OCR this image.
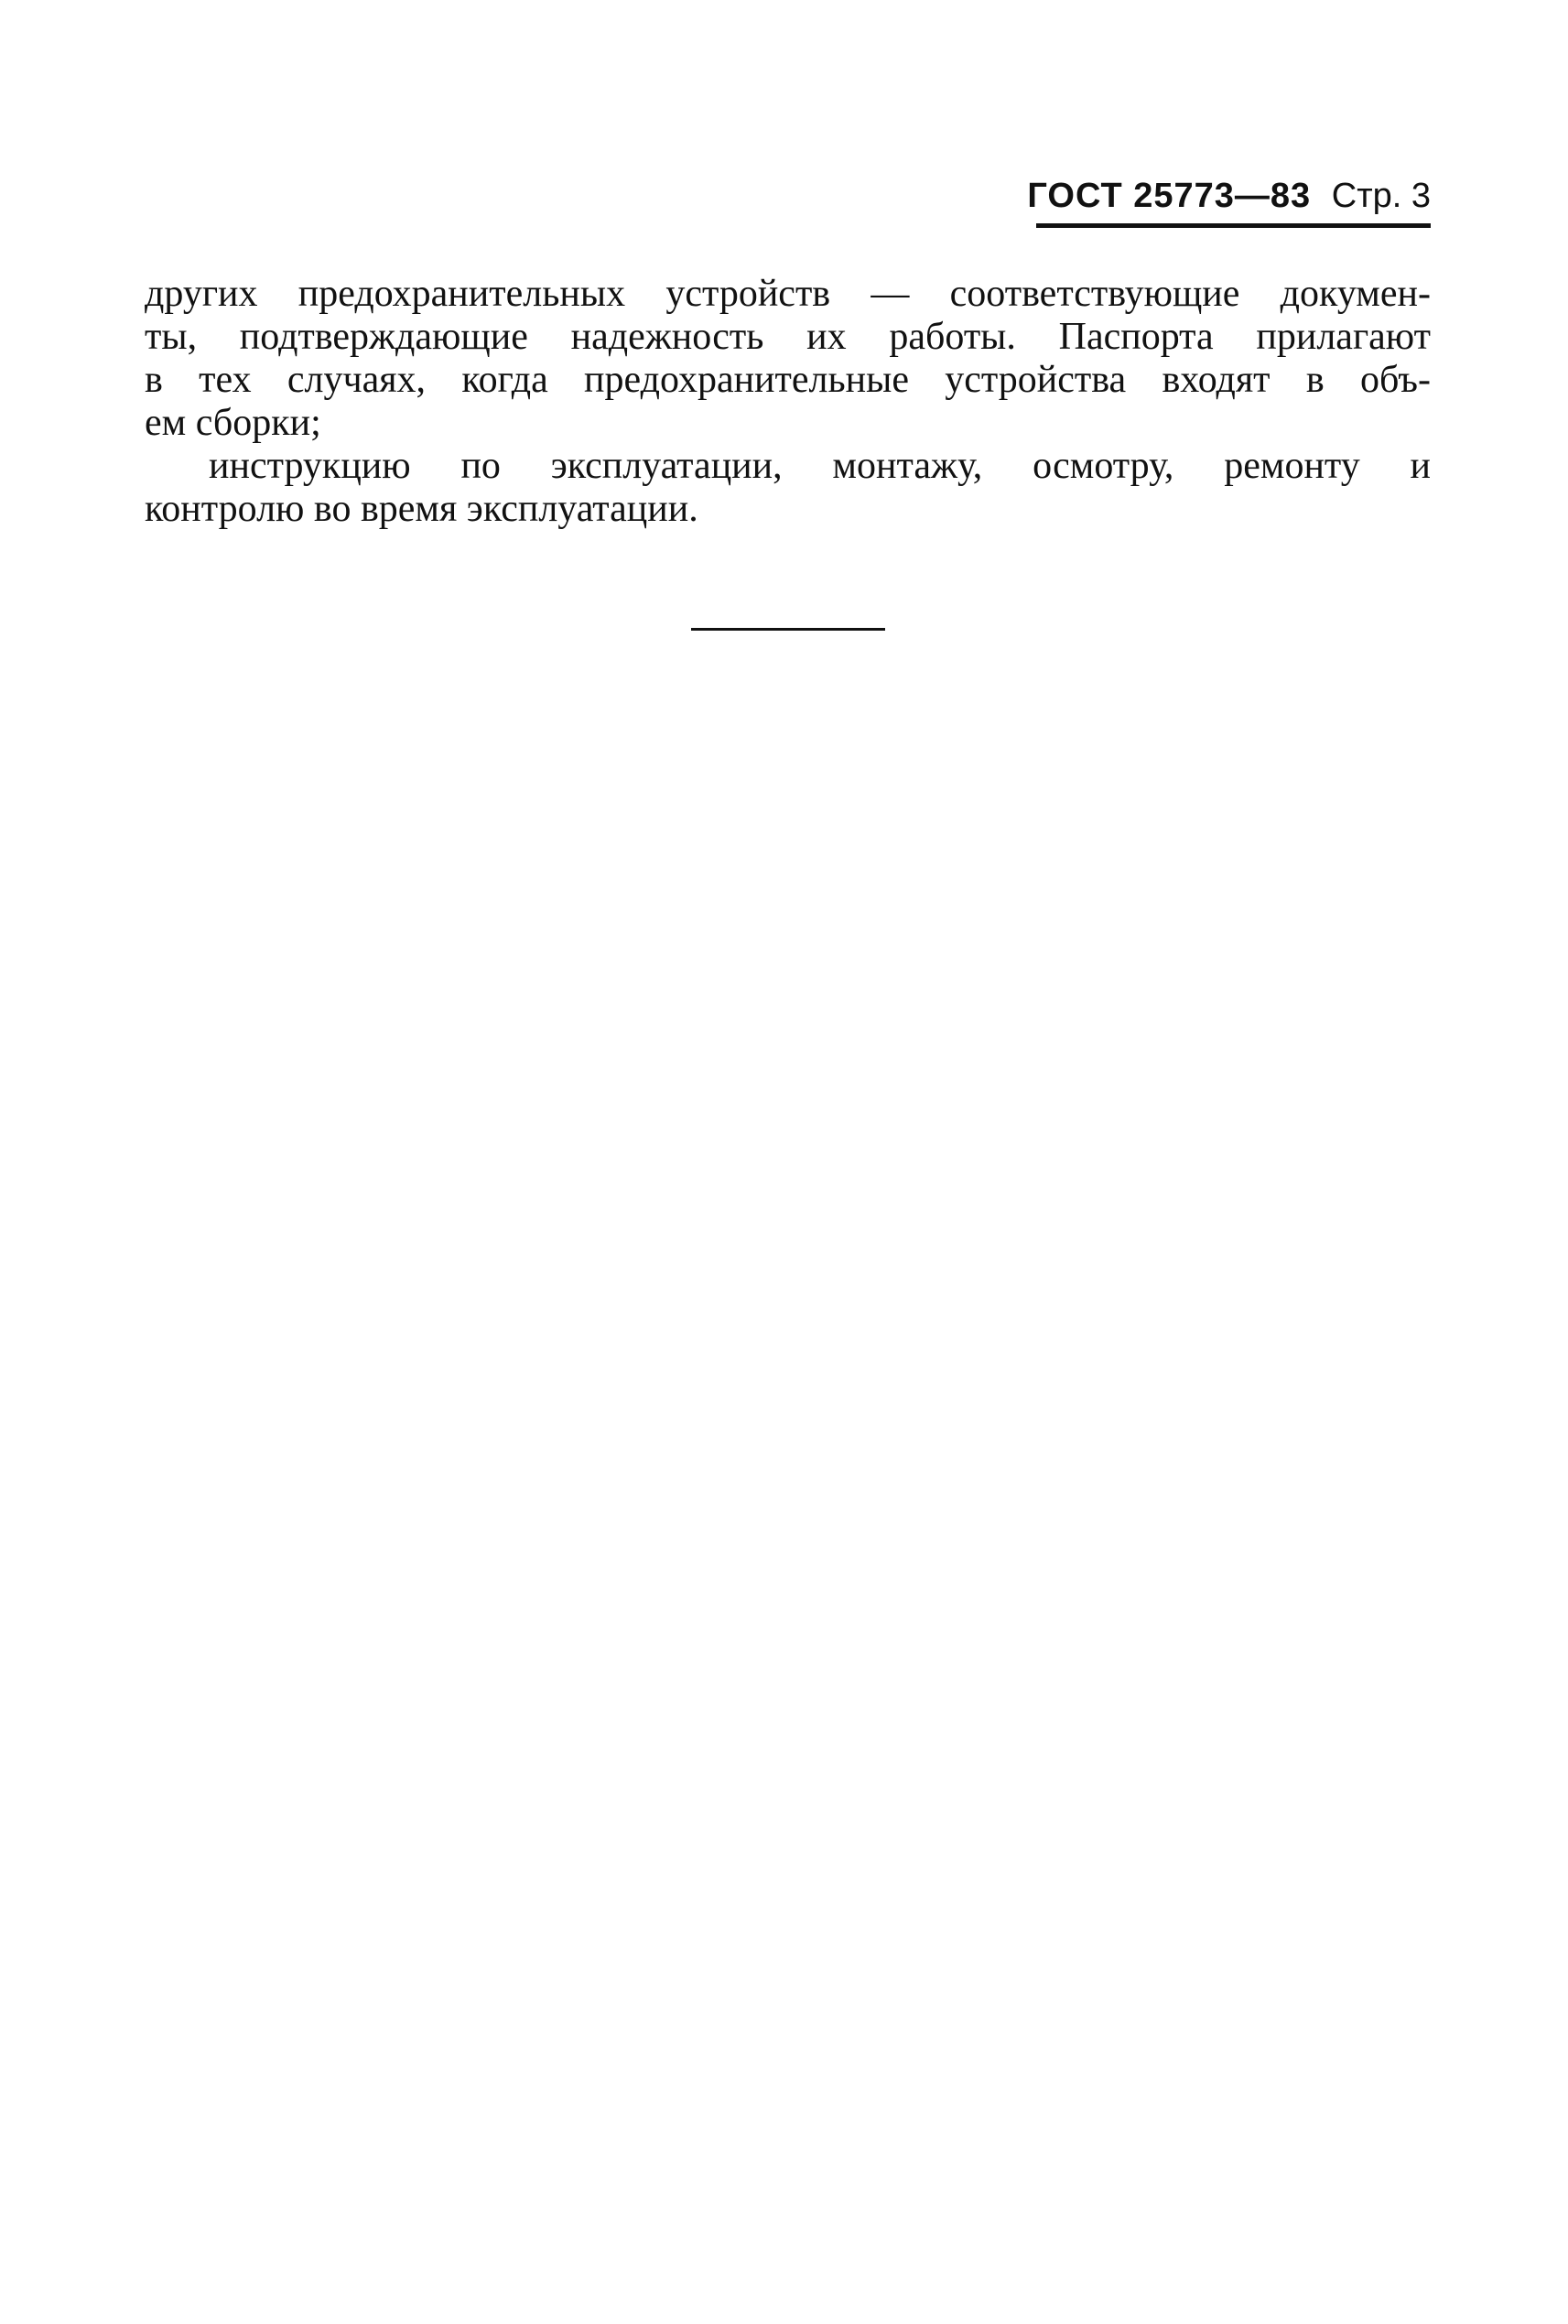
ГОСТ 25773—83 Стр. 3
других предохранительных устройств — соответствующие докумен-
ты, подтверждающие надежность их работы. Паспорта прилагают
в тех случаях, когда предохранительные устройства входят в объ-
ем сборки;
инструкцию по эксплуатации, монтажу, осмотру, ремонту и
контролю во время эксплуатации.
